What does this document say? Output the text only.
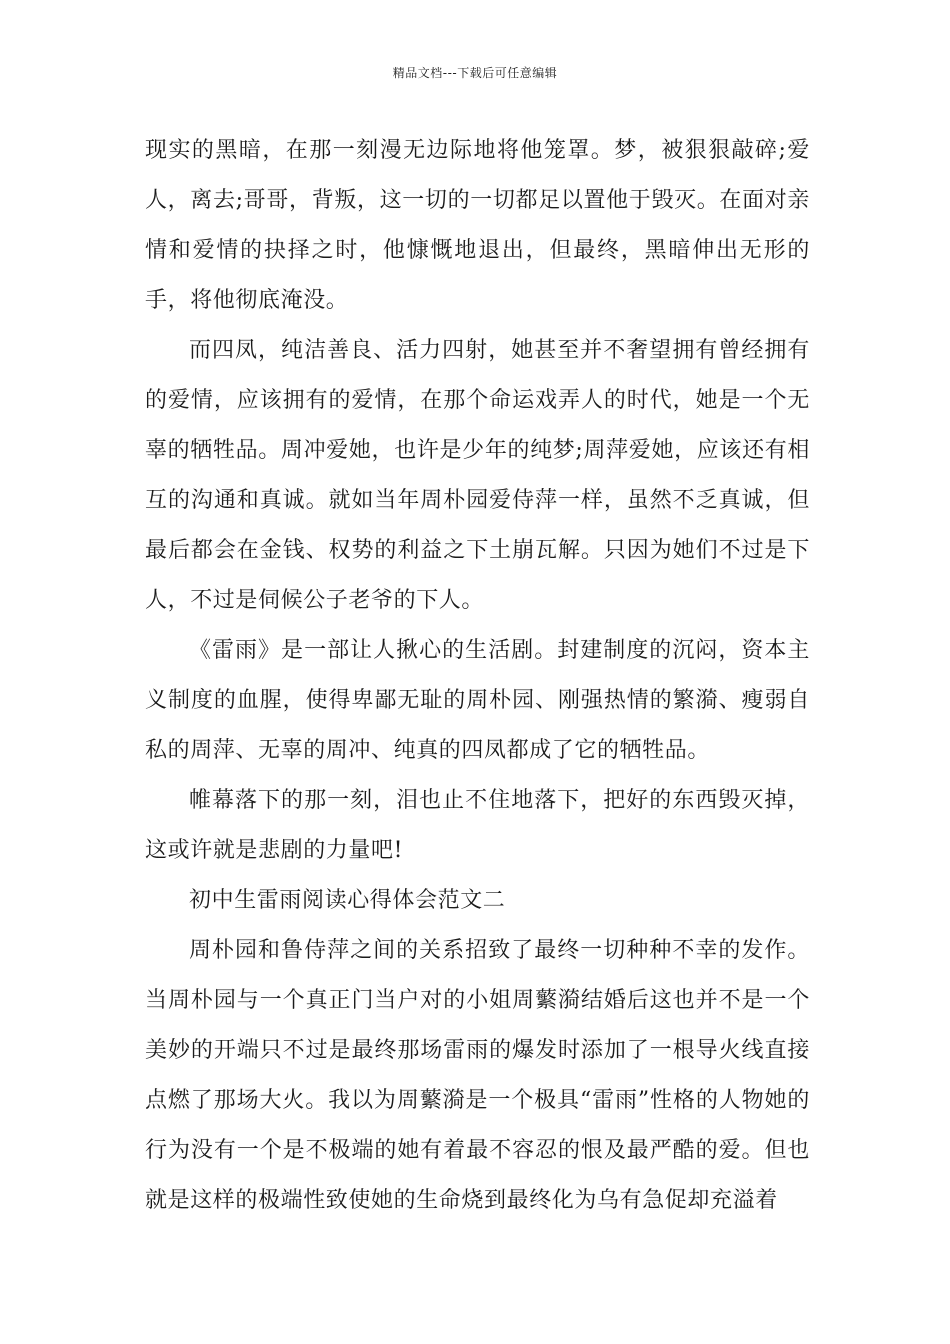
精品文档---下载后可任意编辑

现实的黑暗，在那一刻漫无边际地将他笼罩。梦，被狠狠敲碎;爱人，离去;哥哥，背叛，这一切的一切都足以置他于毁灭。在面对亲情和爱情的抉择之时，他慷慨地退出，但最终，黑暗伸出无形的手，将他彻底淹没。

而四凤，纯洁善良、活力四射，她甚至并不奢望拥有曾经拥有的爱情，应该拥有的爱情，在那个命运戏弄人的时代，她是一个无辜的牺牲品。周冲爱她，也许是少年的纯梦;周萍爱她，应该还有相互的沟通和真诚。就如当年周朴园爱侍萍一样，虽然不乏真诚，但最后都会在金钱、权势的利益之下土崩瓦解。只因为她们不过是下人，不过是伺候公子老爷的下人。

《雷雨》是一部让人揪心的生活剧。封建制度的沉闷，资本主义制度的血腥，使得卑鄙无耻的周朴园、刚强热情的繁漪、瘦弱自私的周萍、无辜的周冲、纯真的四凤都成了它的牺牲品。

帷幕落下的那一刻，泪也止不住地落下，把好的东西毁灭掉，这或许就是悲剧的力量吧!

初中生雷雨阅读心得体会范文二

周朴园和鲁侍萍之间的关系招致了最终一切种种不幸的发作。当周朴园与一个真正门当户对的小姐周蘩漪结婚后这也并不是一个美妙的开端只不过是最终那场雷雨的爆发时添加了一根导火线直接点燃了那场大火。我以为周蘩漪是一个极具“雷雨”性格的人物她的行为没有一个是不极端的她有着最不容忍的恨及最严酷的爱。但也就是这样的极端性致使她的生命烧到最终化为乌有急促却充溢着
